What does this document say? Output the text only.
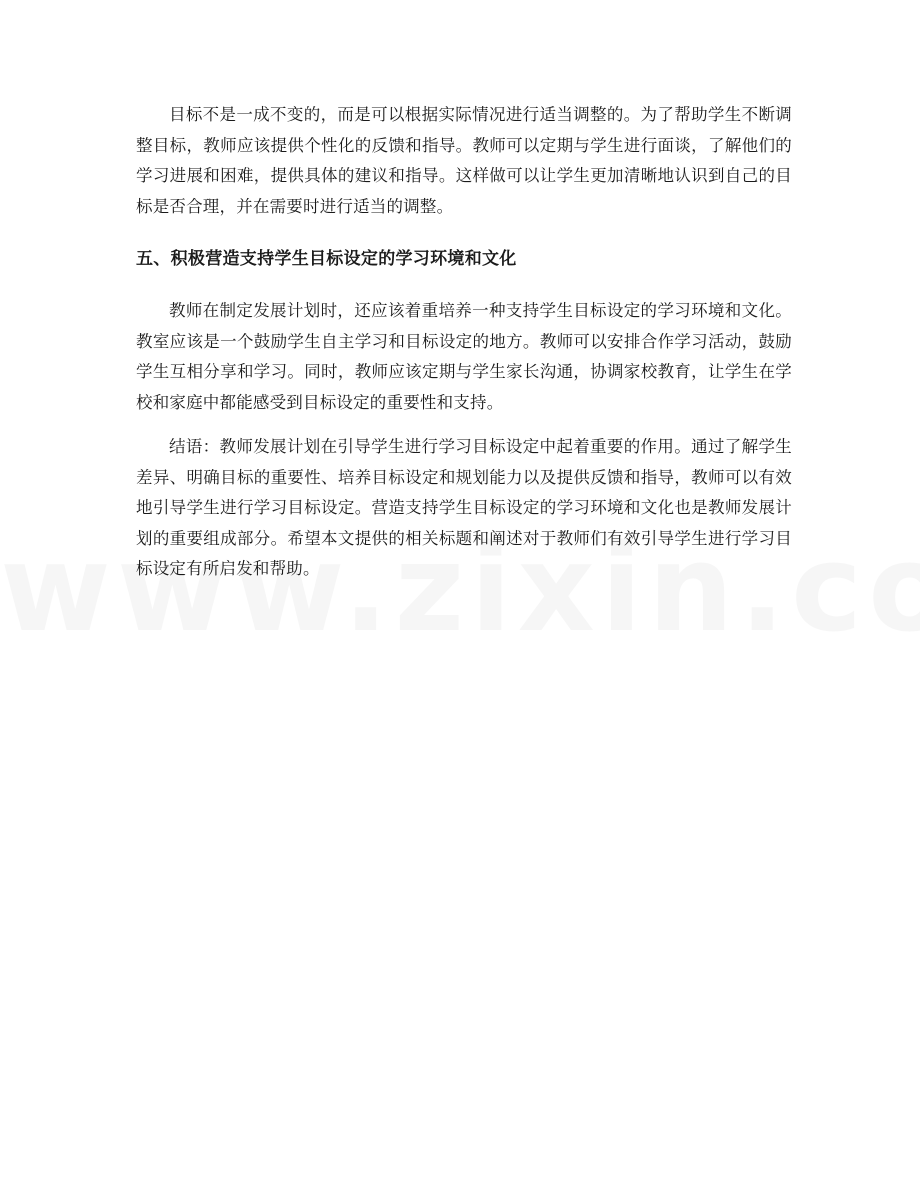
目标不是一成不变的，而是可以根据实际情况进行适当调整的。为了帮助学生不断调整目标，教师应该提供个性化的反馈和指导。教师可以定期与学生进行面谈，了解他们的学习进展和困难，提供具体的建议和指导。这样做可以让学生更加清晰地认识到自己的目标是否合理，并在需要时进行适当的调整。

五、积极营造支持学生目标设定的学习环境和文化

教师在制定发展计划时，还应该着重培养一种支持学生目标设定的学习环境和文化。教室应该是一个鼓励学生自主学习和目标设定的地方。教师可以安排合作学习活动，鼓励学生互相分享和学习。同时，教师应该定期与学生家长沟通，协调家校教育，让学生在学校和家庭中都能感受到目标设定的重要性和支持。

结语：教师发展计划在引导学生进行学习目标设定中起着重要的作用。通过了解学生差异、明确目标的重要性、培养目标设定和规划能力以及提供反馈和指导，教师可以有效地引导学生进行学习目标设定。营造支持学生目标设定的学习环境和文化也是教师发展计划的重要组成部分。希望本文提供的相关标题和阐述对于教师们有效引导学生进行学习目标设定有所启发和帮助。
